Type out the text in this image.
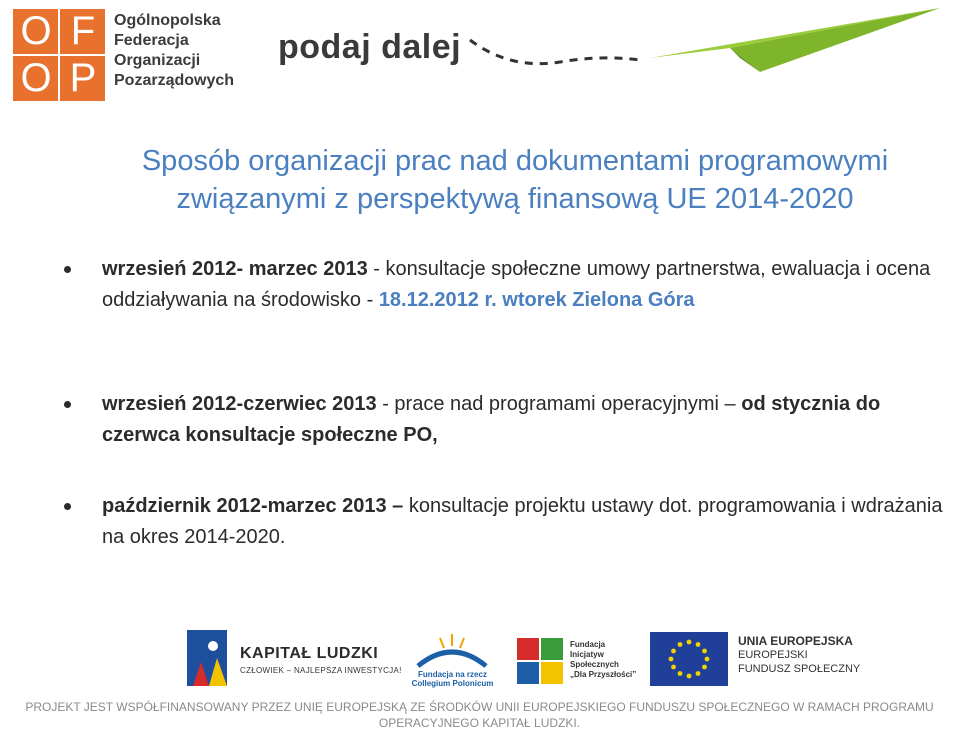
O F
O P
Ogólnopolska
Federacja
Organizacji
Pozarządowych
podaj dalej
Sposób organizacji prac nad dokumentami programowymi
związanymi z perspektywą finansową UE 2014-2020
wrzesień 2012- marzec 2013 - konsultacje społeczne umowy partnerstwa, ewaluacja i ocena oddziaływania na środowisko - 18.12.2012 r. wtorek Zielona Góra
wrzesień 2012-czerwiec 2013 - prace nad programami operacyjnymi – od stycznia do czerwca konsultacje społeczne PO,
październik 2012-marzec 2013 – konsultacje projektu ustawy dot. programowania i wdrażania na okres 2014-2020.
KAPITAŁ LUDZKI
CZŁOWIEK – NAJLEPSZA INWESTYCJA!	Fundacja na rzecz
Collegium Polonicum
Fundacja
Inicjatyw
Społecznych
„Dla Przyszłości”
UNIA EUROPEJSKA
EUROPEJSKI
FUNDUSZ SPOŁECZNY
PROJEKT JEST WSPÓŁFINANSOWANY PRZEZ UNIĘ EUROPEJSKĄ ZE ŚRODKÓW UNII EUROPEJSKIEGO FUNDUSZU SPOŁECZNEGO W RAMACH PROGRAMU
OPERACYJNEGO KAPITAŁ LUDZKI.
